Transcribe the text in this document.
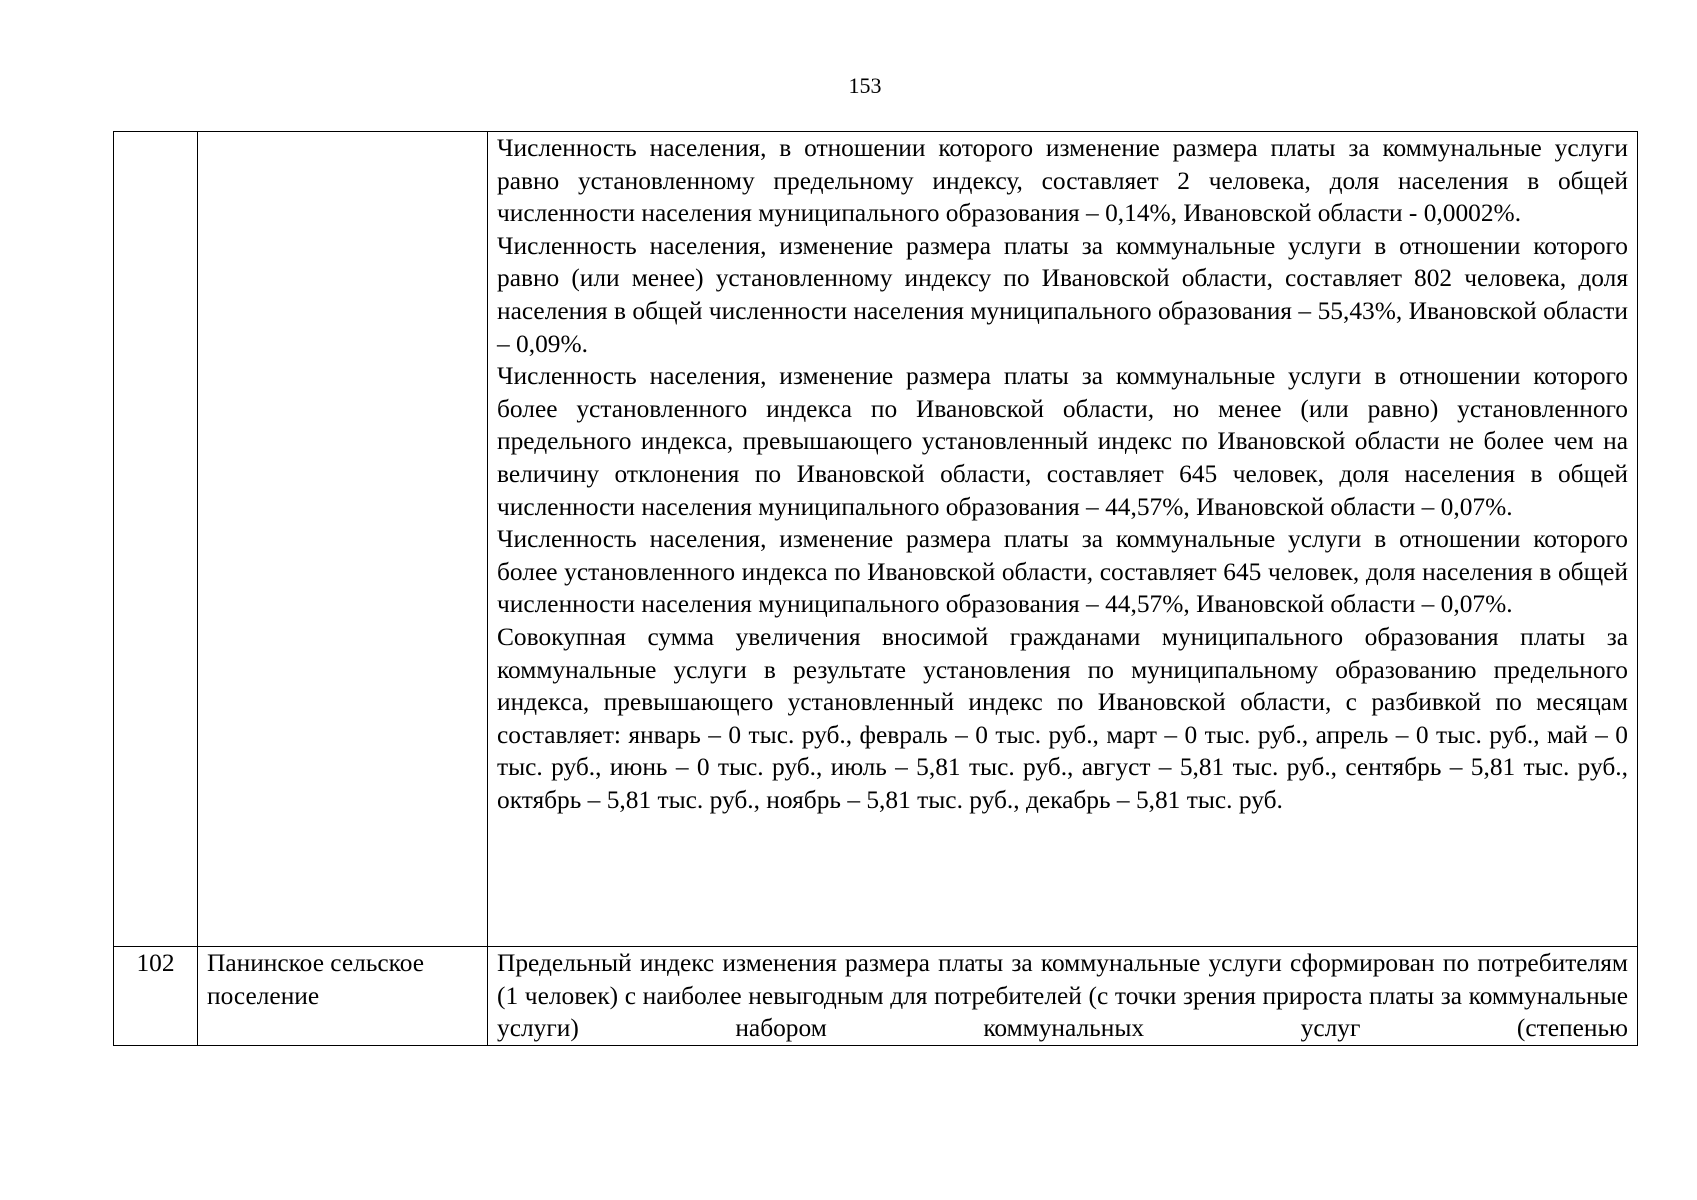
153

		Численность населения, в отношении которого изменение размера платы за коммунальные услуги равно установленному предельному индексу, составляет 2 человека, доля населения в общей численности населения муниципального образования – 0,14%, Ивановской области - 0,0002%.

Численность населения, изменение размера платы за коммунальные услуги в отношении которого равно (или менее) установленному индексу по Ивановской области, составляет 802 человека, доля населения в общей численности населения муниципального образования – 55,43%, Ивановской области – 0,09%.

Численность населения, изменение размера платы за коммунальные услуги в отношении которого более установленного индекса по Ивановской области, но менее (или равно) установленного предельного индекса, превышающего установленный индекс по Ивановской области не более чем на величину отклонения по Ивановской области, составляет 645 человек, доля населения в общей численности населения муниципального образования – 44,57%, Ивановской области – 0,07%.

Численность населения, изменение размера платы за коммунальные услуги в отношении которого более установленного индекса по Ивановской области, составляет 645 человек, доля населения в общей численности населения муниципального образования – 44,57%, Ивановской области – 0,07%.

Совокупная сумма увеличения вносимой гражданами муниципального образования платы за коммунальные услуги в результате установления по муниципальному образованию предельного индекса, превышающего установленный индекс по Ивановской области, с разбивкой по месяцам составляет: январь – 0 тыс. руб., февраль – 0 тыс. руб., март – 0 тыс. руб., апрель – 0 тыс. руб., май – 0 тыс. руб., июнь – 0 тыс. руб., июль – 5,81 тыс. руб., август – 5,81 тыс. руб., сентябрь – 5,81 тыс. руб., октябрь – 5,81 тыс. руб., ноябрь – 5,81 тыс. руб., декабрь – 5,81 тыс. руб.

102	Панинское сельское поселение	Предельный индекс изменения размера платы за коммунальные услуги сформирован по потребителям (1 человек) с наиболее невыгодным для потребителей (с точки зрения прироста платы за коммунальные услуги) набором коммунальных услуг (степенью
